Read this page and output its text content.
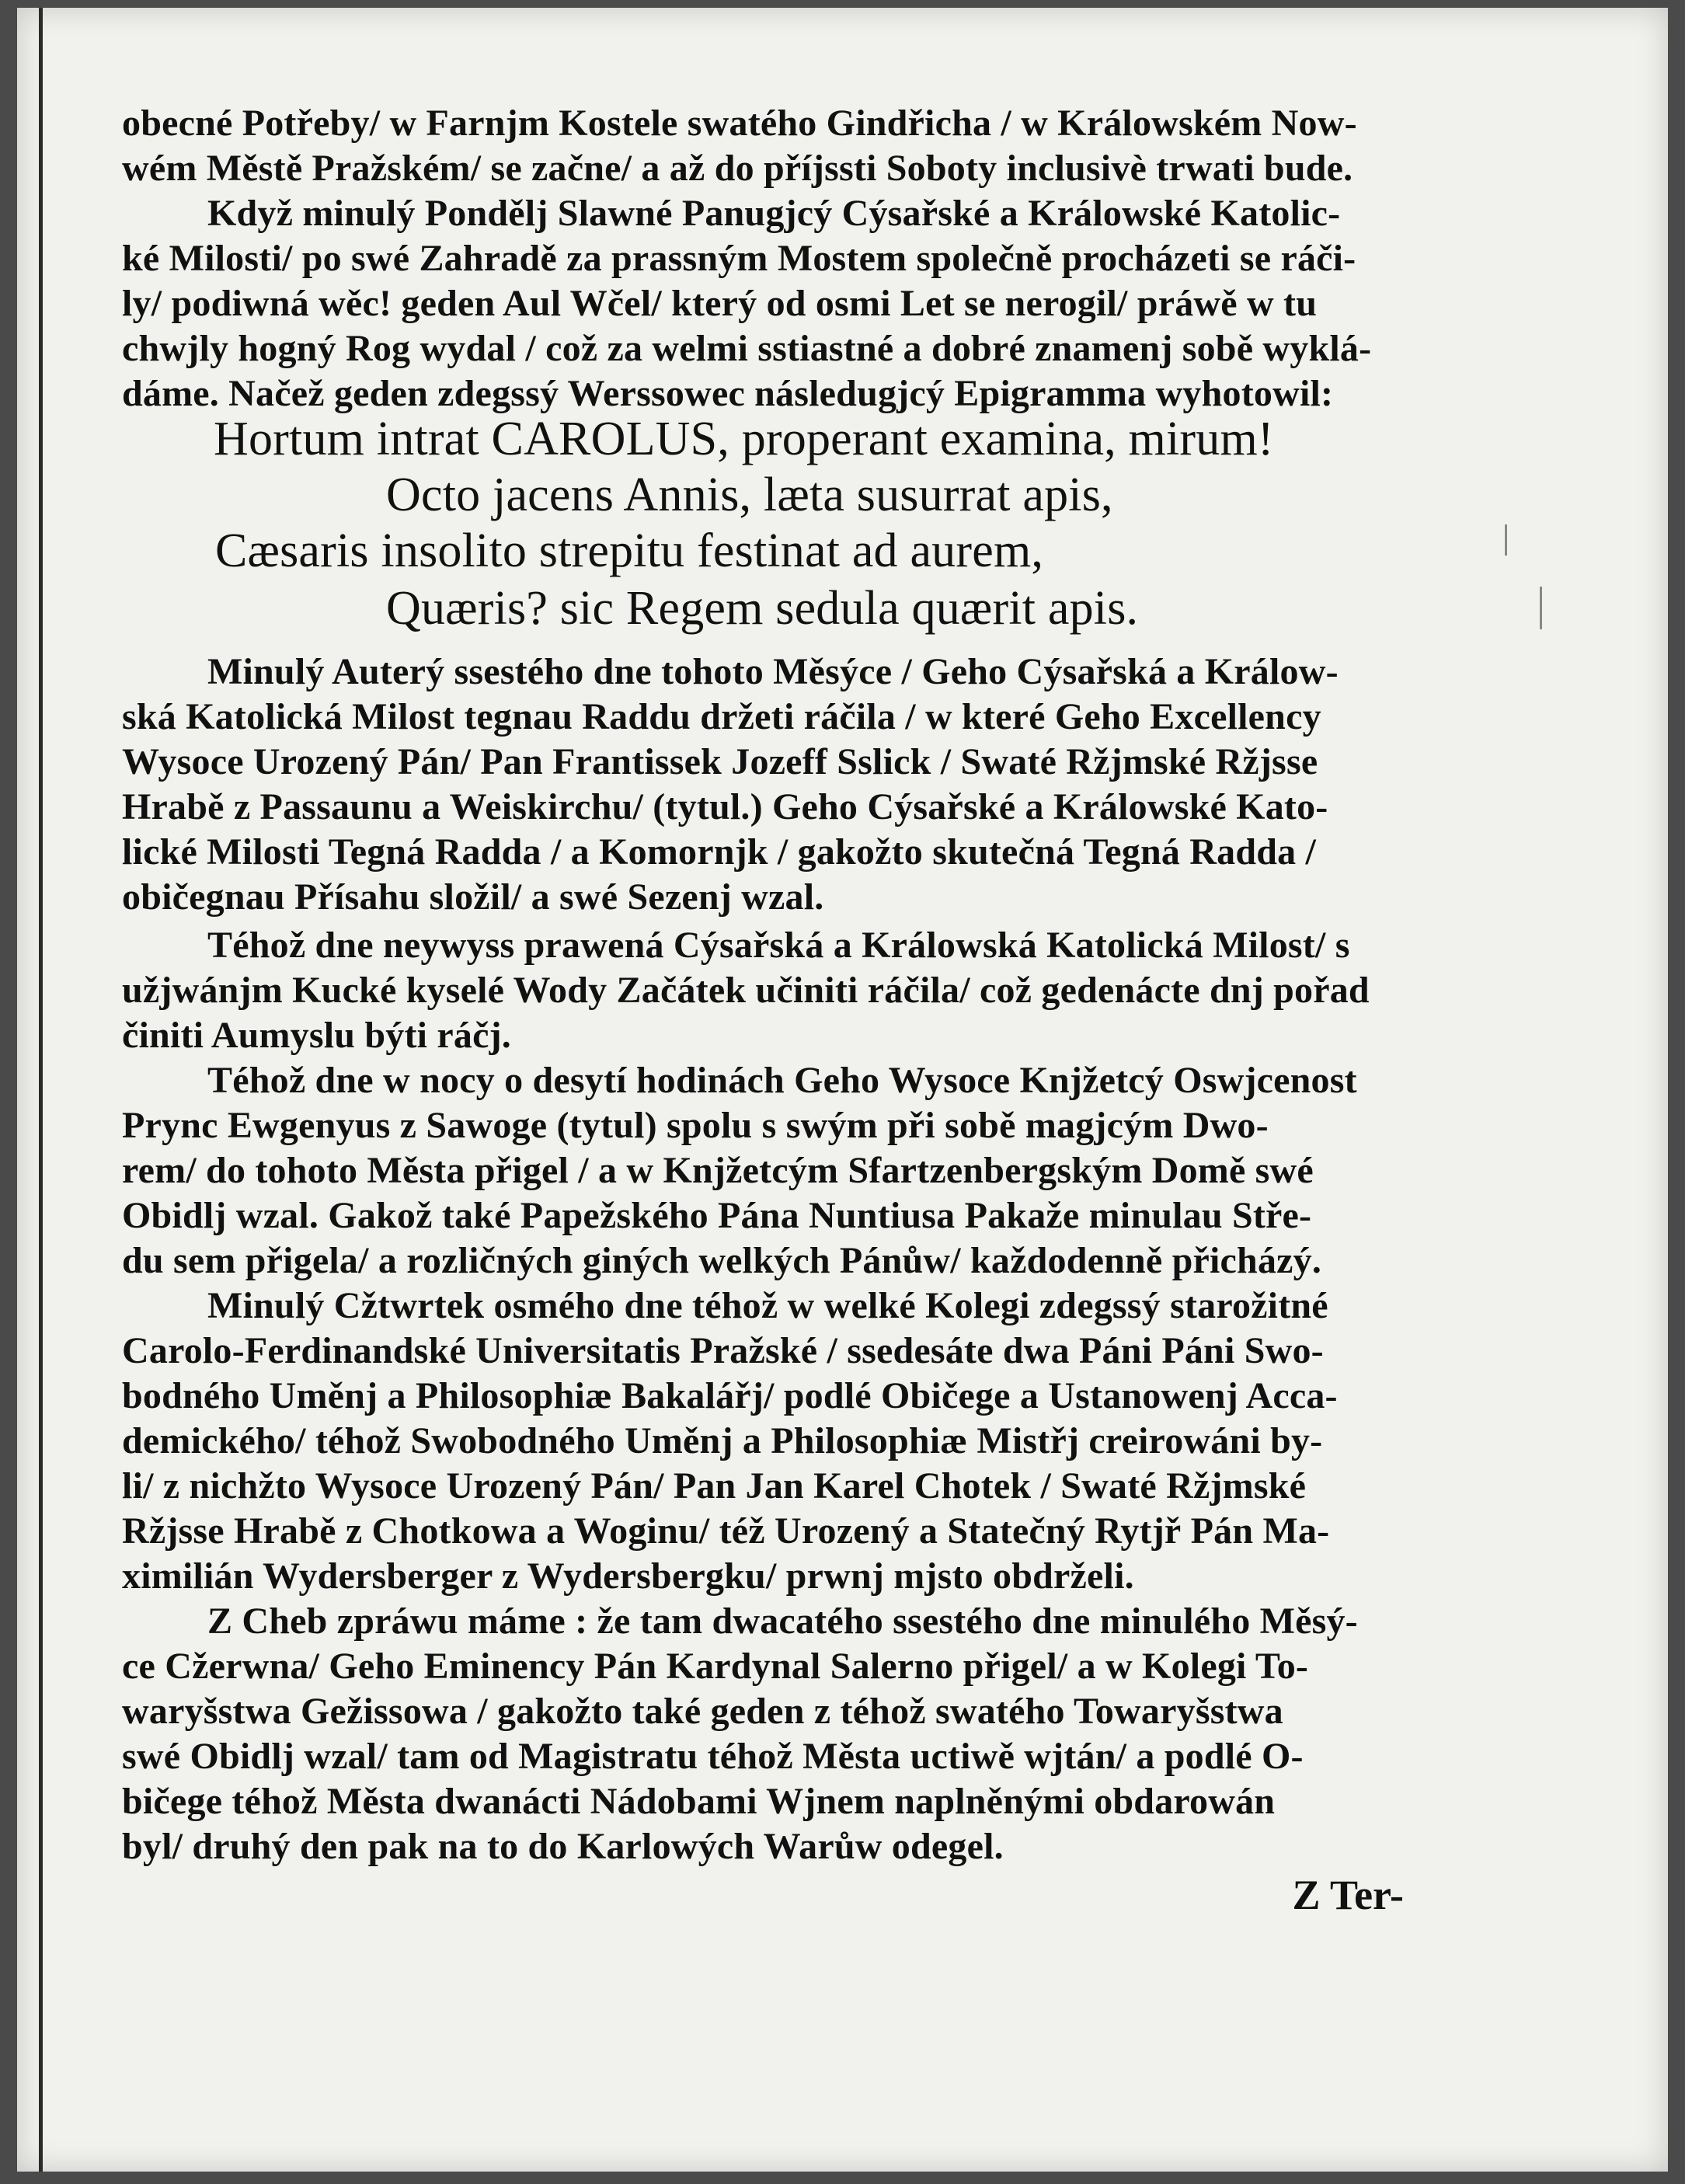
obecné Potřeby/ w Farnjm Kostele swatého Gindřicha / w Králowském Now-
wém Městě Pražském/ se začne/ a až do příjssti Soboty inclusivè trwati bude.
Když minulý Pondělj Slawné Panugjcý Cýsařské a Králowské Katolic-
ké Milosti/ po swé Zahradě za prassným Mostem společně procházeti se ráči-
ly/ podiwná wěc! geden Aul Wčel/ který od osmi Let se nerogil/ práwě w tu
chwjly hogný Rog wydal / což za welmi sstiastné a dobré znamenj sobě wyklá-
dáme. Načež geden zdegssý Werssowec následugjcý Epigramma wyhotowil:
Hortum intrat CAROLUS, properant examina, mirum!
Octo jacens Annis, læta susurrat apis,
Cæsaris insolito strepitu festinat ad aurem,
Quæris? sic Regem sedula quærit apis.
Minulý Auterý ssestého dne tohoto Měsýce / Geho Cýsařská a Králow-
ská Katolická Milost tegnau Raddu držeti ráčila / w které Geho Excellency
Wysoce Urozený Pán/ Pan Frantissek Jozeff Sslick / Swaté Ržjmské Ržjsse
Hrabě z Passaunu a Weiskirchu/ (tytul.) Geho Cýsařské a Králowské Kato-
lické Milosti Tegná Radda / a Komornjk / gakožto skutečná Tegná Radda /
običegnau Přísahu složil/ a swé Sezenj wzal.
Téhož dne neywyss prawená Cýsařská a Králowská Katolická Milost/ s
užjwánjm Kucké kyselé Wody Začátek učiniti ráčila/ což gedenácte dnj pořad
činiti Aumyslu býti ráčj.
Téhož dne w nocy o desytí hodinách Geho Wysoce Knjžetcý Oswjcenost
Prync Ewgenyus z Sawoge (tytul) spolu s swým při sobě magjcým Dwo-
rem/ do tohoto Města přigel / a w Knjžetcým Sfartzenbergským Domě swé
Obidlj wzal. Gakož také Papežského Pána Nuntiusa Pakaže minulau Stře-
du sem přigela/ a rozličných giných welkých Pánůw/ každodenně přicházý.
Minulý Cžtwrtek osmého dne téhož w welké Kolegi zdegssý starožitné
Carolo-Ferdinandské Universitatis Pražské / ssedesáte dwa Páni Páni Swo-
bodného Uměnj a Philosophiæ Bakalářj/ podlé Običege a Ustanowenj Acca-
demického/ téhož Swobodného Uměnj a Philosophiæ Mistřj creirowáni by-
li/ z nichžto Wysoce Urozený Pán/ Pan Jan Karel Chotek / Swaté Ržjmské
Ržjsse Hrabě z Chotkowa a Woginu/ též Urozený a Statečný Rytjř Pán Ma-
ximilián Wydersberger z Wydersbergku/ prwnj mjsto obdrželi.
Z Cheb zpráwu máme : že tam dwacatého ssestého dne minulého Měsý-
ce Cžerwna/ Geho Eminency Pán Kardynal Salerno přigel/ a w Kolegi To-
waryšstwa Gežissowa / gakožto také geden z téhož swatého Towaryšstwa
swé Obidlj wzal/ tam od Magistratu téhož Města uctiwě wjtán/ a podlé O-
bičege téhož Města dwanácti Nádobami Wjnem naplněnými obdarowán
byl/ druhý den pak na to do Karlowých Warůw odegel.
Z Ter-
